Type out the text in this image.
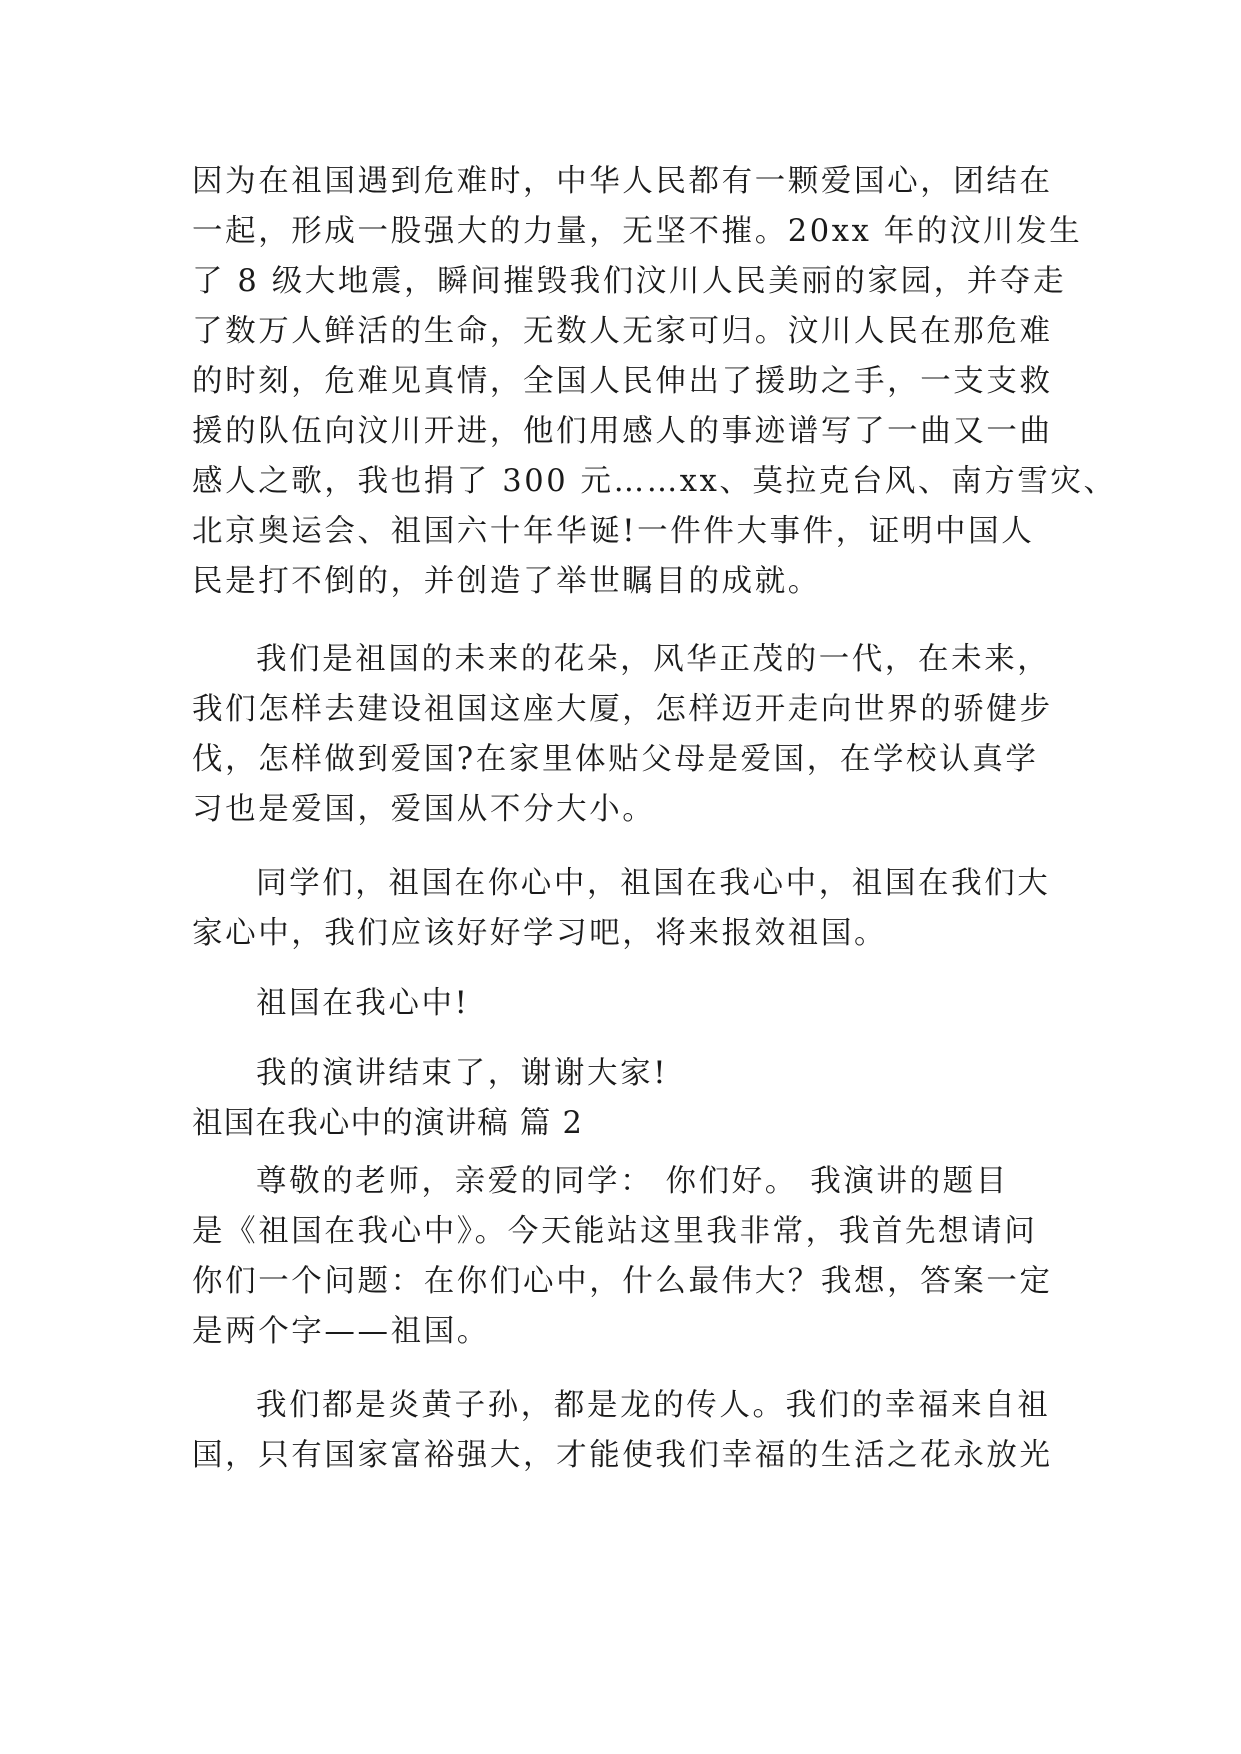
因为在祖国遇到危难时，中华人民都有一颗爱国心，团结在
一起，形成一股强大的力量，无坚不摧。20xx 年的汶川发生
了 8 级大地震，瞬间摧毁我们汶川人民美丽的家园，并夺走
了数万人鲜活的生命，无数人无家可归。汶川人民在那危难
的时刻，危难见真情，全国人民伸出了援助之手，一支支救
援的队伍向汶川开进，他们用感人的事迹谱写了一曲又一曲
感人之歌，我也捐了 300 元……xx、莫拉克台风、南方雪灾、
北京奥运会、祖国六十年华诞!一件件大事件，证明中国人
民是打不倒的，并创造了举世瞩目的成就。
我们是祖国的未来的花朵，风华正茂的一代，在未来，
我们怎样去建设祖国这座大厦，怎样迈开走向世界的骄健步
伐，怎样做到爱国?在家里体贴父母是爱国，在学校认真学
习也是爱国，爱国从不分大小。
同学们，祖国在你心中，祖国在我心中，祖国在我们大
家心中，我们应该好好学习吧，将来报效祖国。
祖国在我心中!
我的演讲结束了，谢谢大家!
祖国在我心中的演讲稿 篇 2
尊敬的老师，亲爱的同学： 你们好。 我演讲的题目
是《祖国在我心中》。今天能站这里我非常，我首先想请问
你们一个问题：在你们心中，什么最伟大？我想，答案一定
是两个字——祖国。
我们都是炎黄子孙，都是龙的传人。我们的幸福来自祖
国，只有国家富裕强大，才能使我们幸福的生活之花永放光
